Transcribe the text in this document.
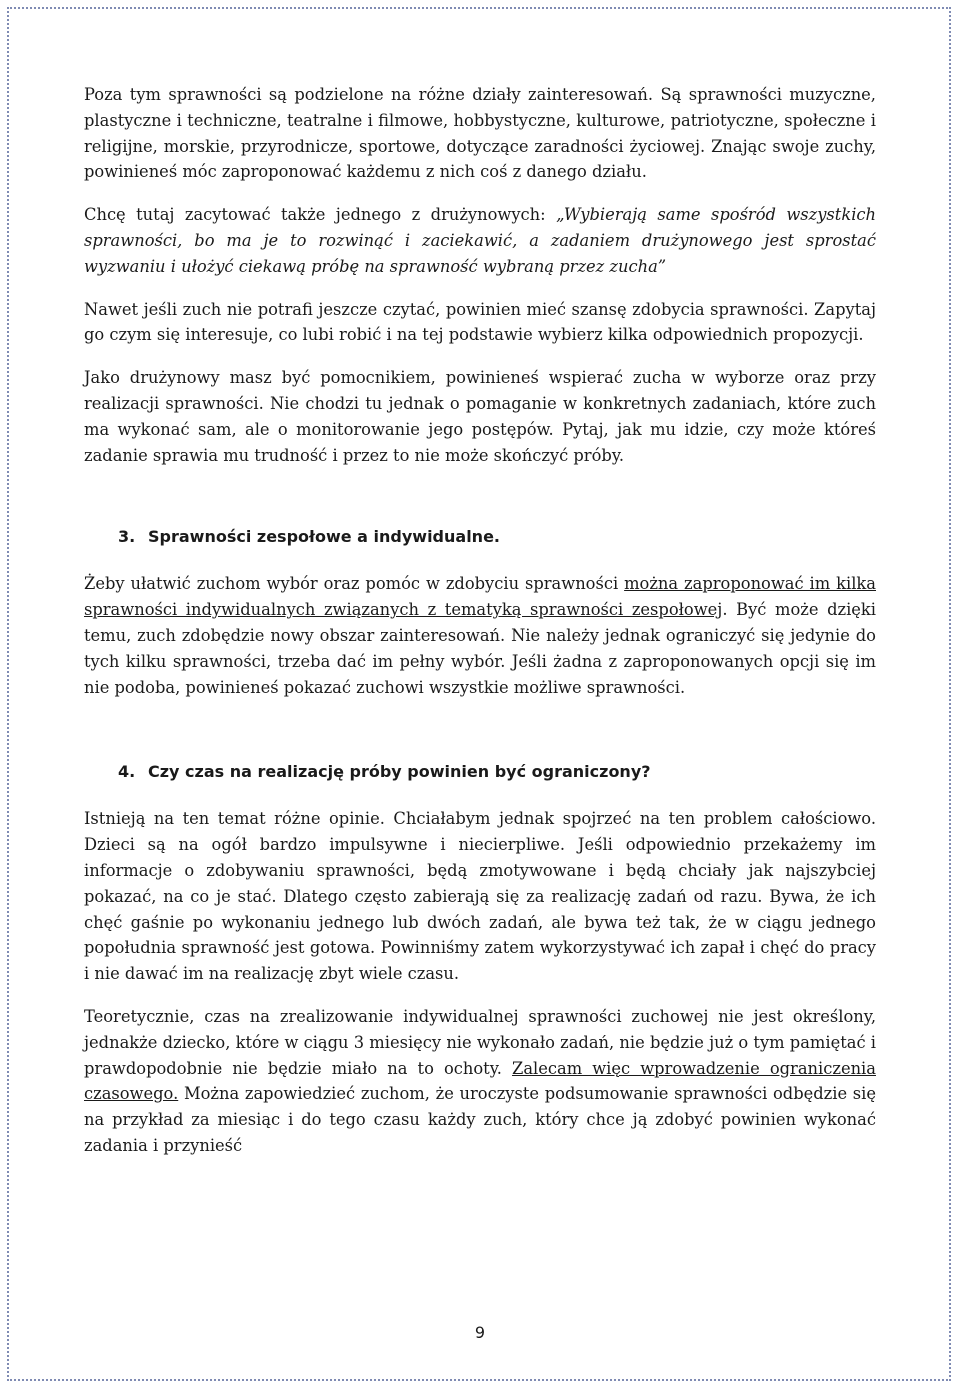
Poza tym sprawności są podzielone na różne działy zainteresowań. Są sprawności muzyczne, plastyczne i techniczne, teatralne i filmowe, hobbystyczne, kulturowe, patriotyczne, społeczne i religijne, morskie, przyrodnicze, sportowe, dotyczące zaradności życiowej. Znając swoje zuchy, powinieneś móc zaproponować każdemu z nich coś z danego działu.

Chcę tutaj zacytować także jednego z drużynowych: „Wybierają same spośród wszystkich sprawności, bo ma je to rozwinąć i zaciekawić, a zadaniem drużynowego jest sprostać wyzwaniu i ułożyć ciekawą próbę na sprawność wybraną przez zucha”

Nawet jeśli zuch nie potrafi jeszcze czytać, powinien mieć szansę zdobycia sprawności. Zapytaj go czym się interesuje, co lubi robić i na tej podstawie wybierz kilka odpowiednich propozycji.

Jako drużynowy masz być pomocnikiem, powinieneś wspierać zucha w wyborze oraz przy realizacji sprawności. Nie chodzi tu jednak o pomaganie w konkretnych zadaniach, które zuch ma wykonać sam, ale o monitorowanie jego postępów. Pytaj, jak mu idzie, czy może któreś zadanie sprawia mu trudność i przez to nie może skończyć próby.

3. Sprawności zespołowe a indywidualne.

Żeby ułatwić zuchom wybór oraz pomóc w zdobyciu sprawności można zaproponować im kilka sprawności indywidualnych związanych z tematyką sprawności zespołowej. Być może dzięki temu, zuch zdobędzie nowy obszar zainteresowań. Nie należy jednak ograniczyć się jedynie do tych kilku sprawności, trzeba dać im pełny wybór. Jeśli żadna z zaproponowanych opcji się im nie podoba, powinieneś pokazać zuchowi wszystkie możliwe sprawności.

4. Czy czas na realizację próby powinien być ograniczony?

Istnieją na ten temat różne opinie. Chciałabym jednak spojrzeć na ten problem całościowo. Dzieci są na ogół bardzo impulsywne i niecierpliwe. Jeśli odpowiednio przekażemy im informacje o zdobywaniu sprawności, będą zmotywowane i będą chciały jak najszybciej pokazać, na co je stać. Dlatego często zabierają się za realizację zadań od razu. Bywa, że ich chęć gaśnie po wykonaniu jednego lub dwóch zadań, ale bywa też tak, że w ciągu jednego popołudnia sprawność jest gotowa. Powinniśmy zatem wykorzystywać ich zapał i chęć do pracy i nie dawać im na realizację zbyt wiele czasu.

Teoretycznie, czas na zrealizowanie indywidualnej sprawności zuchowej nie jest określony, jednakże dziecko, które w ciągu 3 miesięcy nie wykonało zadań, nie będzie już o tym pamiętać i prawdopodobnie nie będzie miało na to ochoty. Zalecam więc wprowadzenie ograniczenia czasowego. Można zapowiedzieć zuchom, że uroczyste podsumowanie sprawności odbędzie się na przykład za miesiąc i do tego czasu każdy zuch, który chce ją zdobyć powinien wykonać zadania i przynieść

9
